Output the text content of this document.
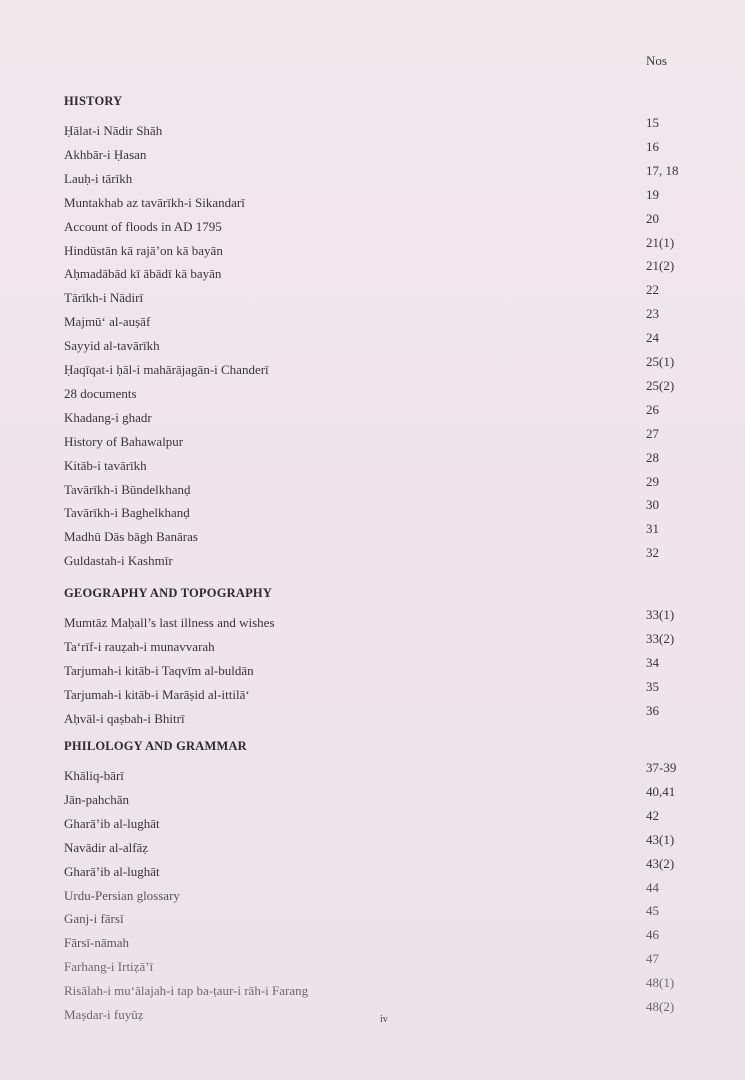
Nos
HISTORY
Ḥālat-i Nādir Shāh
15
Akhbār-i Ḥasan
16
Lauḥ-i tārīkh
17, 18
Muntakhab az tavārīkh-i Sikandarī
19
Account of floods in AD 1795
20
Hindūstān kā rajā’on kā bayān
21(1)
Aḥmadābād kī ābādī kā bayān
21(2)
Tārīkh-i Nādirī
22
Majmū‘ al-auṣāf
23
Sayyid al-tavārīkh
24
Ḥaqīqat-i ḥāl-i mahārājagān-i Chanderī
25(1)
28 documents
25(2)
Khadang-i ghadr
26
History of Bahawalpur
27
Kitāb-i tavārīkh
28
Tavārīkh-i Būndelkhanḍ
29
Tavārīkh-i Baghelkhanḍ
30
Madhū Dās bāgh Banāras
31
Guldastah-i Kashmīr
32
GEOGRAPHY AND TOPOGRAPHY
Mumtāz Maḥall’s last illness and wishes
33(1)
Ta‘rīf-i rauẓah-i munavvarah
33(2)
Tarjumah-i kitāb-i Taqvīm al-buldān
34
Tarjumah-i kitāb-i Marāṣid al-ittilā‘
35
Aḥvāl-i qaṣbah-i Bhitrī
36
PHILOLOGY AND GRAMMAR
Khāliq-bārī
37-39
Jān-pahchān
40,41
Gharā’ib al-lughāt
42
Navādir al-alfāẓ
43(1)
Gharā’ib al-lughāt
43(2)
Urdu-Persian glossary
44
Ganj-i fārsī
45
Fārsī-nāmah
46
Farhang-i Irtiẓā’ī
47
Risālah-i mu‘ālajah-i tap ba-ṭaur-i rāh-i Farang
48(1)
Maṣdar-i fuyūẓ
48(2)
iv
